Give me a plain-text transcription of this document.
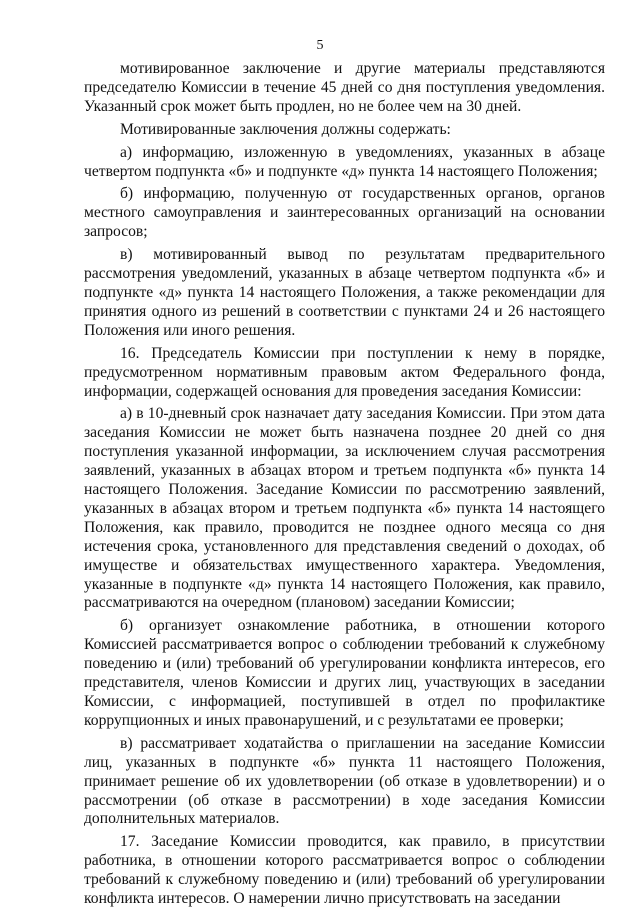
5

мотивированное заключение и другие материалы представляются председателю Комиссии в течение 45 дней со дня поступления уведомления. Указанный срок может быть продлен, но не более чем на 30 дней.

Мотивированные заключения должны содержать:

а) информацию, изложенную в уведомлениях, указанных в абзаце четвертом подпункта «б» и подпункте «д» пункта 14 настоящего Положения;

б) информацию, полученную от государственных органов, органов местного самоуправления и заинтересованных организаций на основании запросов;

в) мотивированный вывод по результатам предварительного рассмотрения уведомлений, указанных в абзаце четвертом подпункта «б» и подпункте «д» пункта 14 настоящего Положения, а также рекомендации для принятия одного из решений в соответствии с пунктами 24 и 26 настоящего Положения или иного решения.

16. Председатель Комиссии при поступлении к нему в порядке, предусмотренном нормативным правовым актом Федерального фонда, информации, содержащей основания для проведения заседания Комиссии:

а) в 10-дневный срок назначает дату заседания Комиссии. При этом дата заседания Комиссии не может быть назначена позднее 20 дней со дня поступления указанной информации, за исключением случая рассмотрения заявлений, указанных в абзацах втором и третьем подпункта «б» пункта 14 настоящего Положения. Заседание Комиссии по рассмотрению заявлений, указанных в абзацах втором и третьем подпункта «б» пункта 14 настоящего Положения, как правило, проводится не позднее одного месяца со дня истечения срока, установленного для представления сведений о доходах, об имуществе и обязательствах имущественного характера. Уведомления, указанные в подпункте «д» пункта 14 настоящего Положения, как правило, рассматриваются на очередном (плановом) заседании Комиссии;

б) организует ознакомление работника, в отношении которого Комиссией рассматривается вопрос о соблюдении требований к служебному поведению и (или) требований об урегулировании конфликта интересов, его представителя, членов Комиссии и других лиц, участвующих в заседании Комиссии, с информацией, поступившей в отдел по профилактике коррупционных и иных правонарушений, и с результатами ее проверки;

в) рассматривает ходатайства о приглашении на заседание Комиссии лиц, указанных в подпункте «б» пункта 11 настоящего Положения, принимает решение об их удовлетворении (об отказе в удовлетворении) и о рассмотрении (об отказе в рассмотрении) в ходе заседания Комиссии дополнительных материалов.

17. Заседание Комиссии проводится, как правило, в присутствии работника, в отношении которого рассматривается вопрос о соблюдении требований к служебному поведению и (или) требований об урегулировании конфликта интересов. О намерении лично присутствовать на заседании
